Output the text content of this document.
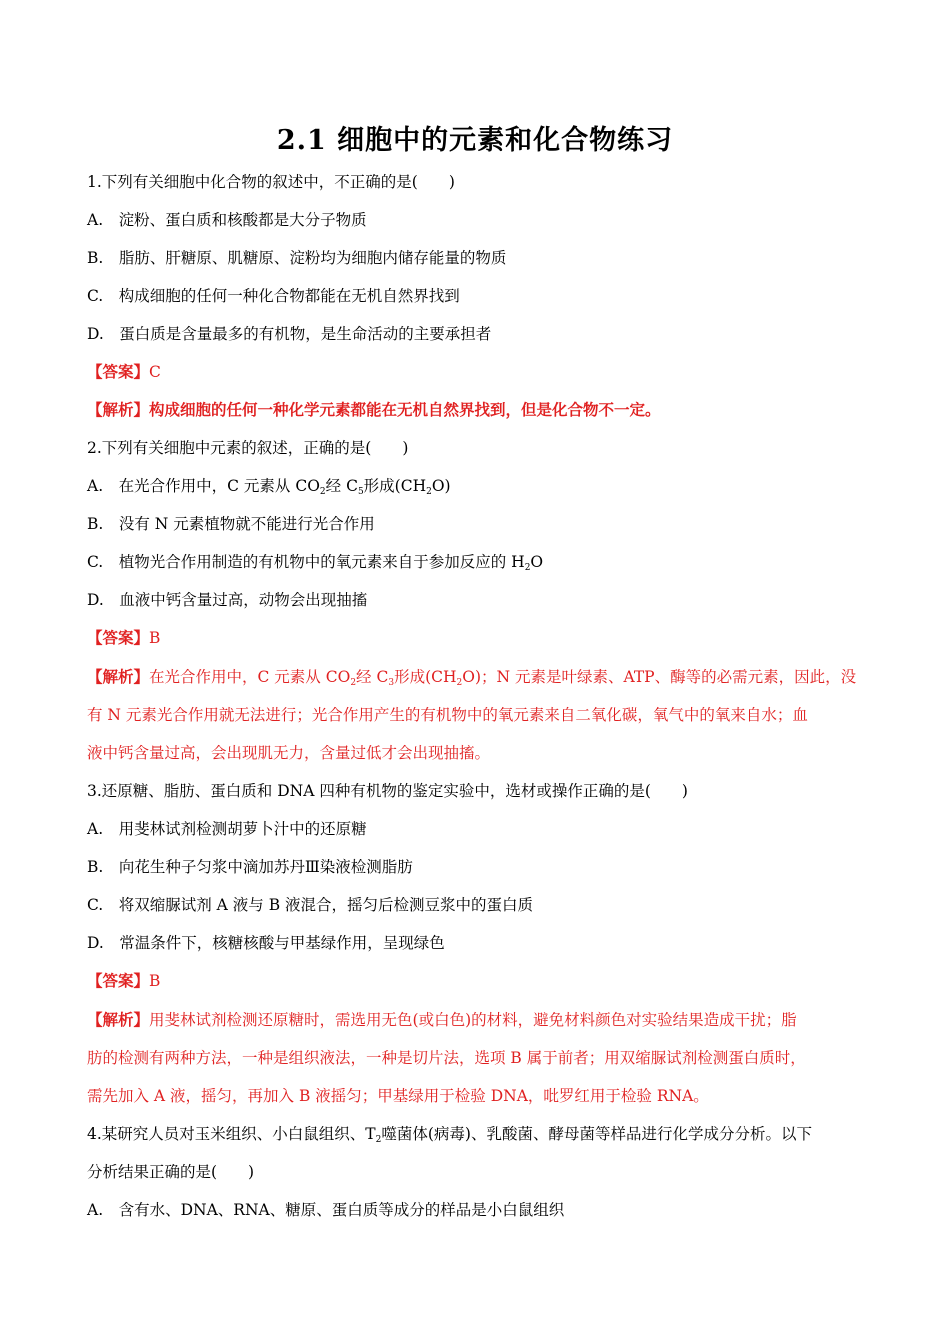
2.1 细胞中的元素和化合物练习
1.下列有关细胞中化合物的叙述中，不正确的是(　　)
A.　淀粉、蛋白质和核酸都是大分子物质
B.　脂肪、肝糖原、肌糖原、淀粉均为细胞内储存能量的物质
C.　构成细胞的任何一种化合物都能在无机自然界找到
D.　蛋白质是含量最多的有机物，是生命活动的主要承担者
【答案】C
【解析】构成细胞的任何一种化学元素都能在无机自然界找到，但是化合物不一定。
2.下列有关细胞中元素的叙述，正确的是(　　)
A.　在光合作用中，C 元素从 $CO_2$经 $C_5$形成$(CH_2O)$
B.　没有 N 元素植物就不能进行光合作用
C.　植物光合作用制造的有机物中的氧元素来自于参加反应的 $H_2O$
D.　血液中钙含量过高，动物会出现抽搐
【答案】B
【解析】在光合作用中，C 元素从 $CO_2$经 $C_3$形成$(CH_2O)$；N 元素是叶绿素、ATP、酶等的必需元素，因此，没
有 N 元素光合作用就无法进行；光合作用产生的有机物中的氧元素来自二氧化碳，氧气中的氧来自水；血
液中钙含量过高，会出现肌无力，含量过低才会出现抽搐。
3.还原糖、脂肪、蛋白质和 DNA 四种有机物的鉴定实验中，选材或操作正确的是(　　)
A.　用斐林试剂检测胡萝卜汁中的还原糖
B.　向花生种子匀浆中滴加苏丹Ⅲ染液检测脂肪
C.　将双缩脲试剂 A 液与 B 液混合，摇匀后检测豆浆中的蛋白质
D.　常温条件下，核糖核酸与甲基绿作用，呈现绿色
【答案】B
【解析】用斐林试剂检测还原糖时，需选用无色(或白色)的材料，避免材料颜色对实验结果造成干扰；脂
肪的检测有两种方法，一种是组织液法，一种是切片法，选项 B 属于前者；用双缩脲试剂检测蛋白质时，
需先加入 A 液，摇匀，再加入 B 液摇匀；甲基绿用于检验 DNA，吡罗红用于检验 RNA。
4.某研究人员对玉米组织、小白鼠组织、$T_2$噬菌体(病毒)、乳酸菌、酵母菌等样品进行化学成分分析。以下
分析结果正确的是(　　)
A.　含有水、DNA、RNA、糖原、蛋白质等成分的样品是小白鼠组织
